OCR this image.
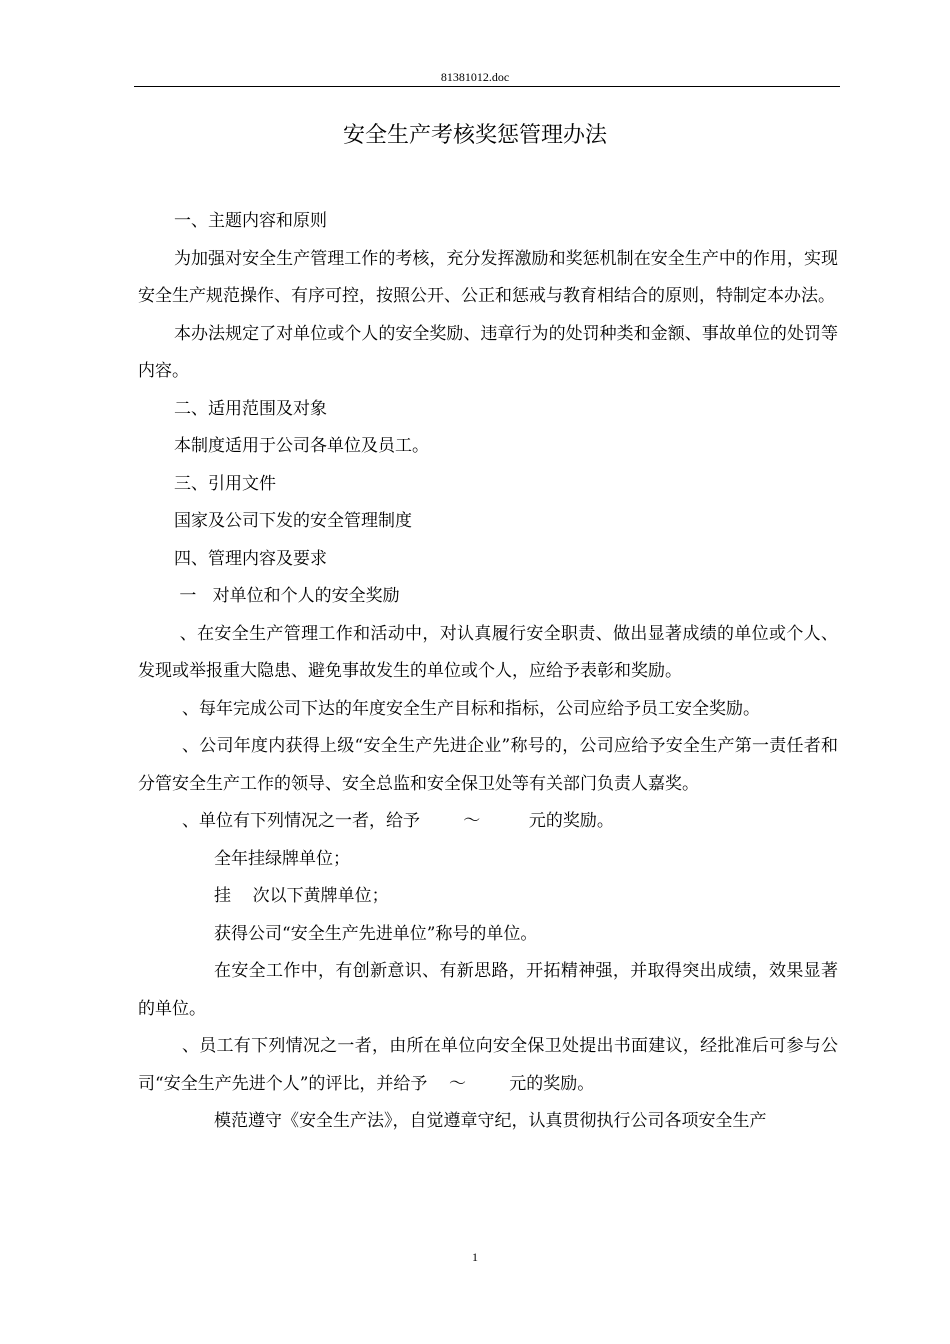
81381012.doc
安全生产考核奖惩管理办法

一、主题内容和原则

为加强对安全生产管理工作的考核，充分发挥激励和奖惩机制在安全生产中的作用，实现安全生产规范操作、有序可控，按照公开、公正和惩戒与教育相结合的原则，特制定本办法。

本办法规定了对单位或个人的安全奖励、违章行为的处罚种类和金额、事故单位的处罚等内容。

二、适用范围及对象

本制度适用于公司各单位及员工。

三、引用文件

国家及公司下发的安全管理制度

四、管理内容及要求

一   对单位和个人的安全奖励

、在安全生产管理工作和活动中，对认真履行安全职责、做出显著成绩的单位或个人、发现或举报重大隐患、避免事故发生的单位或个人，应给予表彰和奖励。

、每年完成公司下达的年度安全生产目标和指标，公司应给予员工安全奖励。

、公司年度内获得上级“安全生产先进企业”称号的，公司应给予安全生产第一责任者和分管安全生产工作的领导、安全总监和安全保卫处等有关部门负责人嘉奖。

、单位有下列情况之一者，给予        ～         元的奖励。

全年挂绿牌单位；

挂    次以下黄牌单位；

获得公司“安全生产先进单位”称号的单位。

在安全工作中，有创新意识、有新思路，开拓精神强，并取得突出成绩，效果显著的单位。

、员工有下列情况之一者，由所在单位向安全保卫处提出书面建议，经批准后可参与公司“安全生产先进个人”的评比，并给予    ～        元的奖励。

模范遵守《安全生产法》，自觉遵章守纪，认真贯彻执行公司各项安全生产

1
